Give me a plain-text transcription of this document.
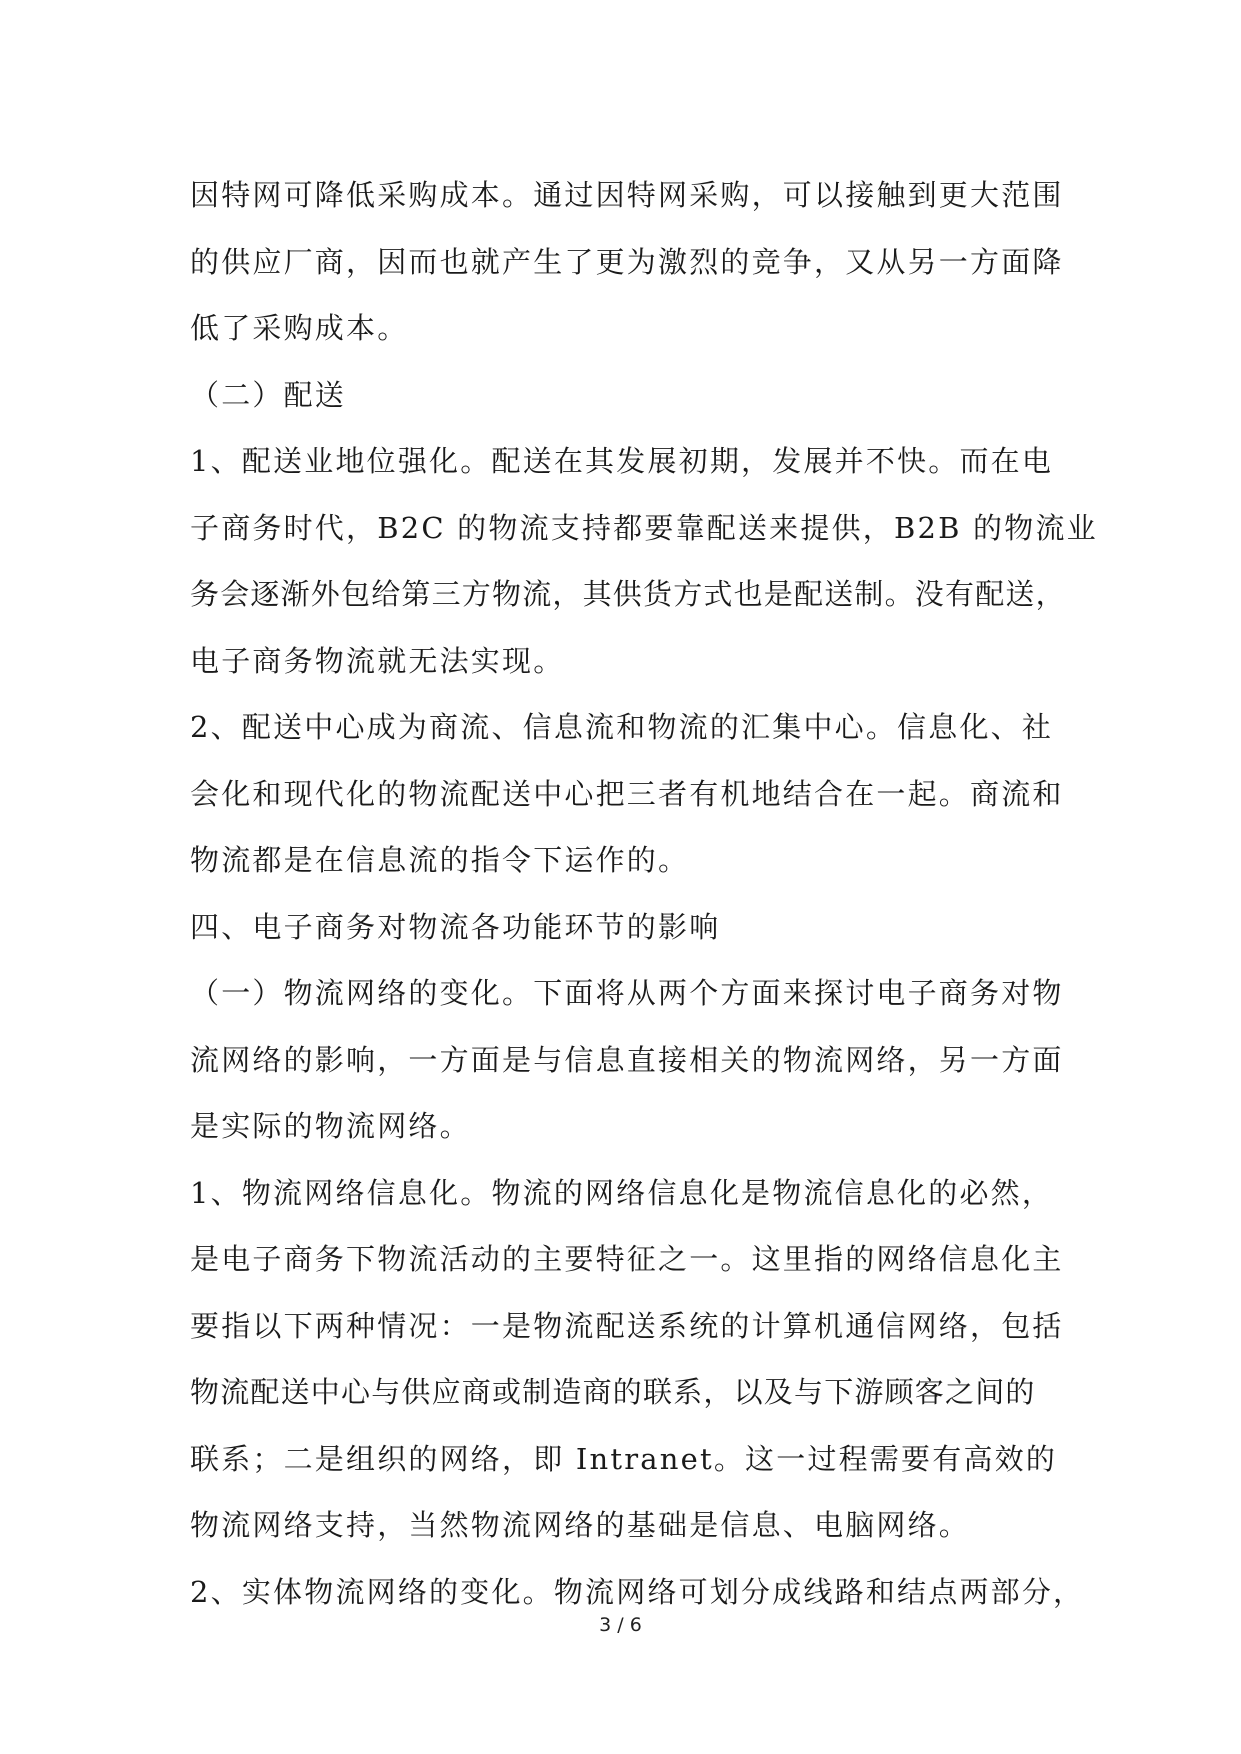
因特网可降低采购成本。通过因特网采购，可以接触到更大范围
的供应厂商，因而也就产生了更为激烈的竞争，又从另一方面降
低了采购成本。
（二）配送
1、配送业地位强化。配送在其发展初期，发展并不快。而在电
子商务时代，B2C 的物流支持都要靠配送来提供，B2B 的物流业
务会逐渐外包给第三方物流，其供货方式也是配送制。没有配送，
电子商务物流就无法实现。
2、配送中心成为商流、信息流和物流的汇集中心。信息化、社
会化和现代化的物流配送中心把三者有机地结合在一起。商流和
物流都是在信息流的指令下运作的。
四、电子商务对物流各功能环节的影响
（一）物流网络的变化。下面将从两个方面来探讨电子商务对物
流网络的影响，一方面是与信息直接相关的物流网络，另一方面
是实际的物流网络。
1、物流网络信息化。物流的网络信息化是物流信息化的必然，
是电子商务下物流活动的主要特征之一。这里指的网络信息化主
要指以下两种情况：一是物流配送系统的计算机通信网络，包括
物流配送中心与供应商或制造商的联系，以及与下游顾客之间的
联系；二是组织的网络，即 Intranet。这一过程需要有高效的
物流网络支持，当然物流网络的基础是信息、电脑网络。
2、实体物流网络的变化。物流网络可划分成线路和结点两部分，
3 / 6
